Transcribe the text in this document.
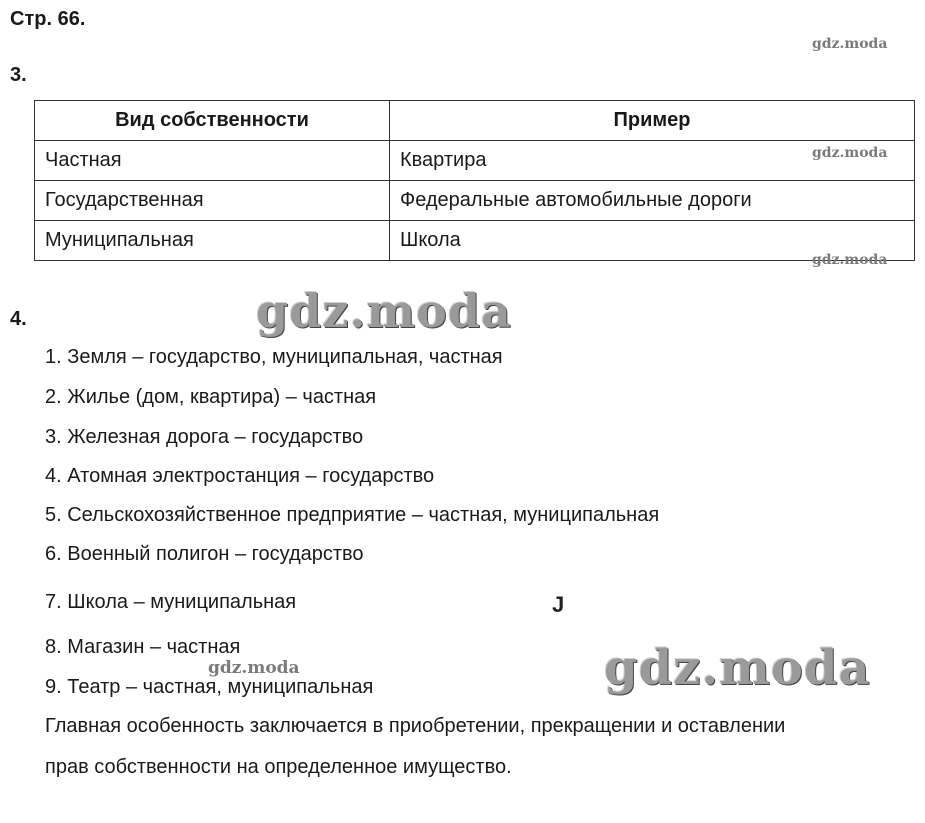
Стр. 66.
gdz.moda
3.
Вид собственности	Пример
Частная	Квартира
Государственная	Федеральные автомобильные дороги
Муниципальная	Школа
gdz.moda
gdz.moda
4.	gdz.moda
1. Земля – государство, муниципальная, частная
2. Жилье (дом, квартира) – частная
3. Железная дорога – государство
4. Атомная электростанция – государство
5. Сельскохозяйственное предприятие – частная, муниципальная
6. Военный полигон – государство
7. Школа – муниципальная
8. Магазин – частная
9. Театр – частная, муниципальная
J
gdz.moda	gdz.moda
Главная особенность заключается в приобретении, прекращении и оставлении
прав собственности на определенное имущество.
